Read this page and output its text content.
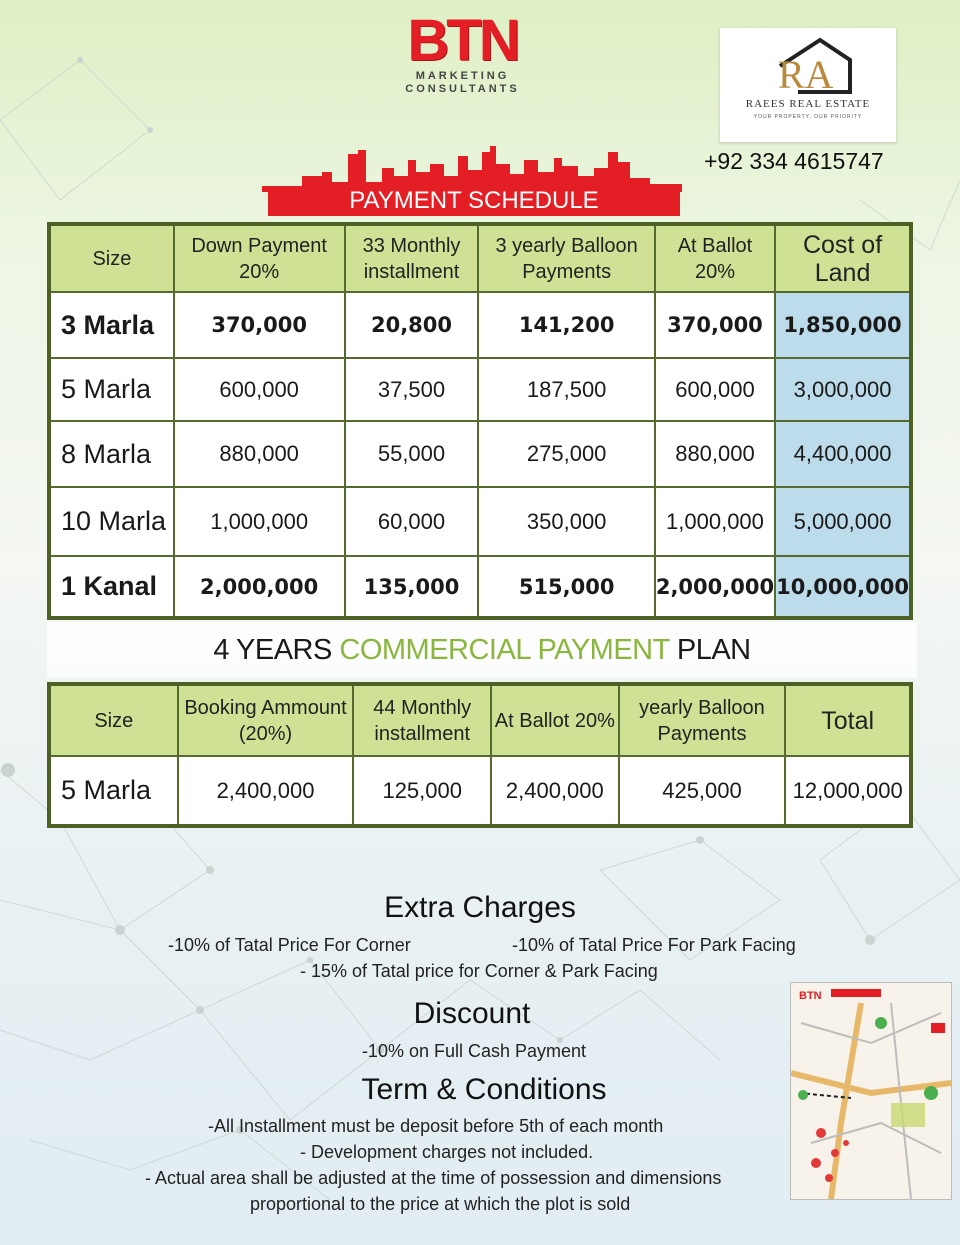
BTN
MARKETING
CONSULTANTS	RA
RAEES REAL ESTATE
YOUR PROPERTY, OUR PRIORITY
+92 334 4615747
PAYMENT SCHEDULE
Size	Down Payment 20%	33 Monthly installment	3 yearly Balloon Payments	At Ballot 20%	Cost of Land
3 Marla	370,000	20,800	141,200	370,000	1,850,000
5 Marla	600,000	37,500	187,500	600,000	3,000,000
8 Marla	880,000	55,000	275,000	880,000	4,400,000
10 Marla	1,000,000	60,000	350,000	1,000,000	5,000,000
1 Kanal	2,000,000	135,000	515,000	2,000,000	10,000,000
4 YEARS COMMERCIAL PAYMENT PLAN
Size	Booking Ammount (20%)	44 Monthly installment	At Ballot 20%	yearly Balloon Payments	Total
5 Marla	2,400,000	125,000	2,400,000	425,000	12,000,000
Extra Charges
-10% of Tatal Price For Corner	-10% of Tatal Price For Park Facing
- 15% of Tatal price for Corner & Park Facing
Discount
-10% on Full Cash Payment
Term & Conditions
-All Installment must be deposit before 5th of each month
- Development charges not included.
- Actual area shall be adjusted at the time of possession and dimensions
proportional to the price at which the plot is sold
BTN
